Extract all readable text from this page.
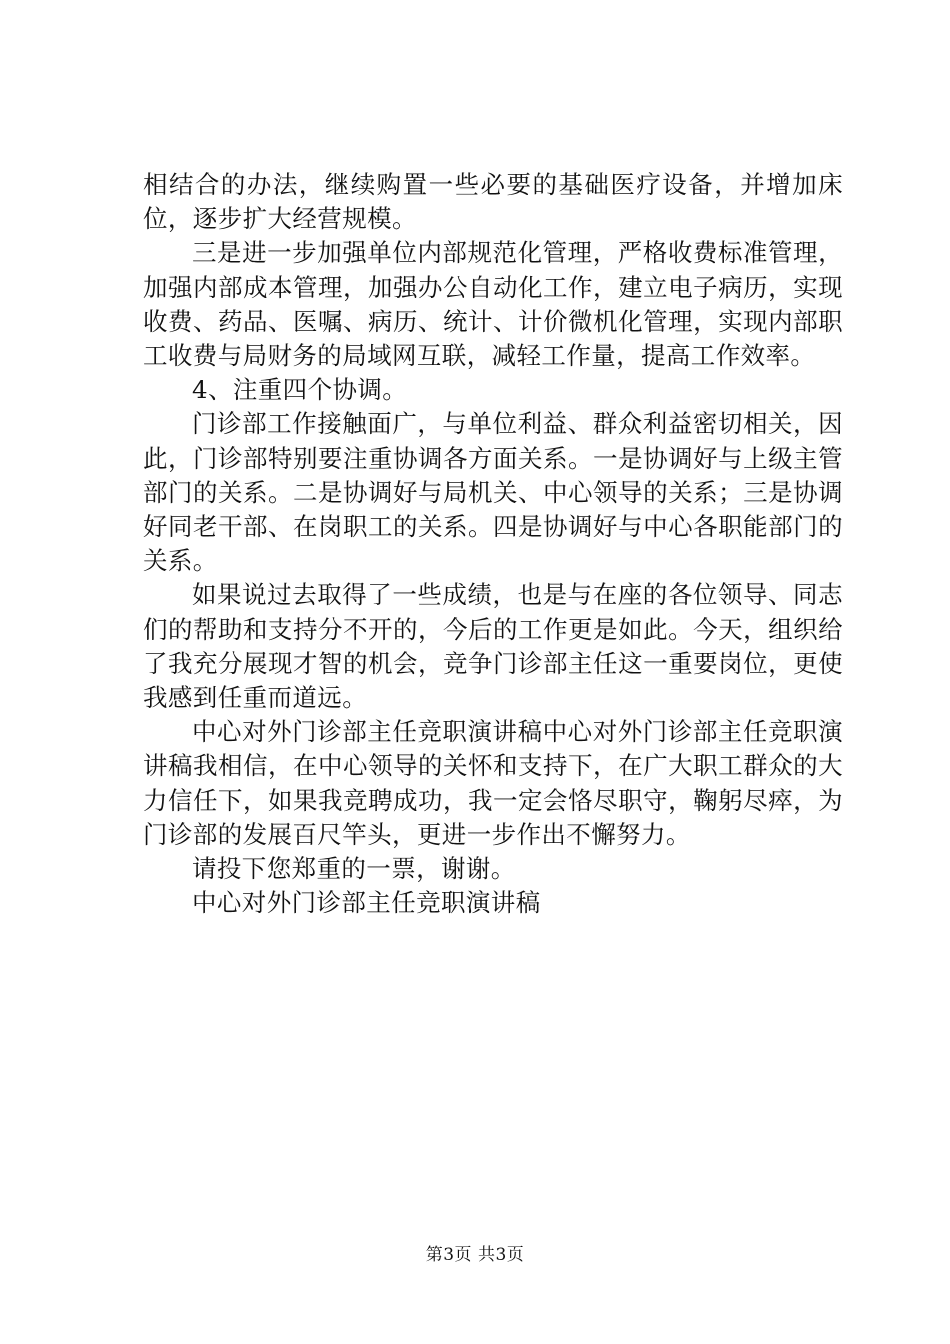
相结合的办法，继续购置一些必要的基础医疗设备，并增加床位，逐步扩大经营规模。

三是进一步加强单位内部规范化管理，严格收费标准管理，加强内部成本管理，加强办公自动化工作，建立电子病历，实现收费、药品、医嘱、病历、统计、计价微机化管理，实现内部职工收费与局财务的局域网互联，减轻工作量，提高工作效率。

4、注重四个协调。

门诊部工作接触面广，与单位利益、群众利益密切相关，因此，门诊部特别要注重协调各方面关系。一是协调好与上级主管部门的关系。二是协调好与局机关、中心领导的关系；三是协调好同老干部、在岗职工的关系。四是协调好与中心各职能部门的关系。

如果说过去取得了一些成绩，也是与在座的各位领导、同志们的帮助和支持分不开的，今后的工作更是如此。今天，组织给了我充分展现才智的机会，竞争门诊部主任这一重要岗位，更使我感到任重而道远。

中心对外门诊部主任竞职演讲稿中心对外门诊部主任竞职演讲稿我相信，在中心领导的关怀和支持下，在广大职工群众的大力信任下，如果我竞聘成功，我一定会恪尽职守，鞠躬尽瘁，为门诊部的发展百尺竿头，更进一步作出不懈努力。

请投下您郑重的一票，谢谢。

中心对外门诊部主任竞职演讲稿

第3页 共3页
